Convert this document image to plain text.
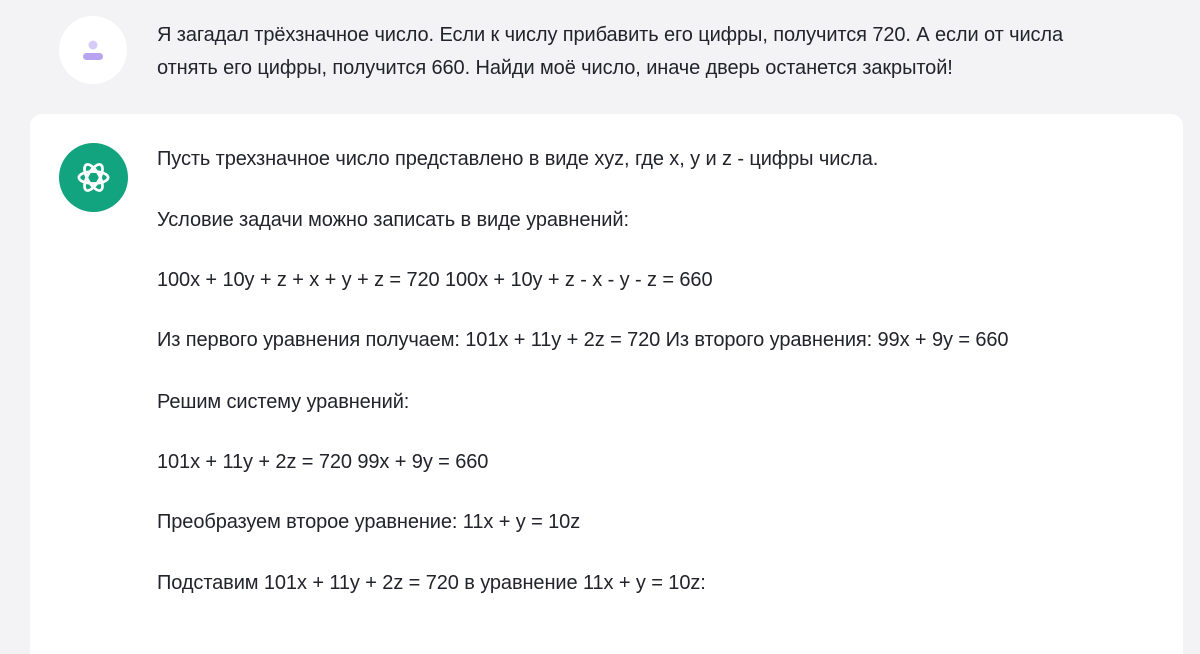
Я загадал трёхзначное число. Если к числу прибавить его цифры, получится 720. А если от числа

отнять его цифры, получится 660. Найди моё число, иначе дверь останется закрытой!

Пусть трехзначное число представлено в виде xyz, где x, y и z - цифры числа.

Условие задачи можно записать в виде уравнений:

100x + 10y + z + x + y + z = 720 100x + 10y + z - x - y - z = 660

Из первого уравнения получаем: 101x + 11y + 2z = 720 Из второго уравнения: 99x + 9y = 660

Решим систему уравнений:

101x + 11y + 2z = 720 99x + 9y = 660

Преобразуем второе уравнение: 11x + y = 10z

Подставим 101x + 11y + 2z = 720 в уравнение 11x + y = 10z:
